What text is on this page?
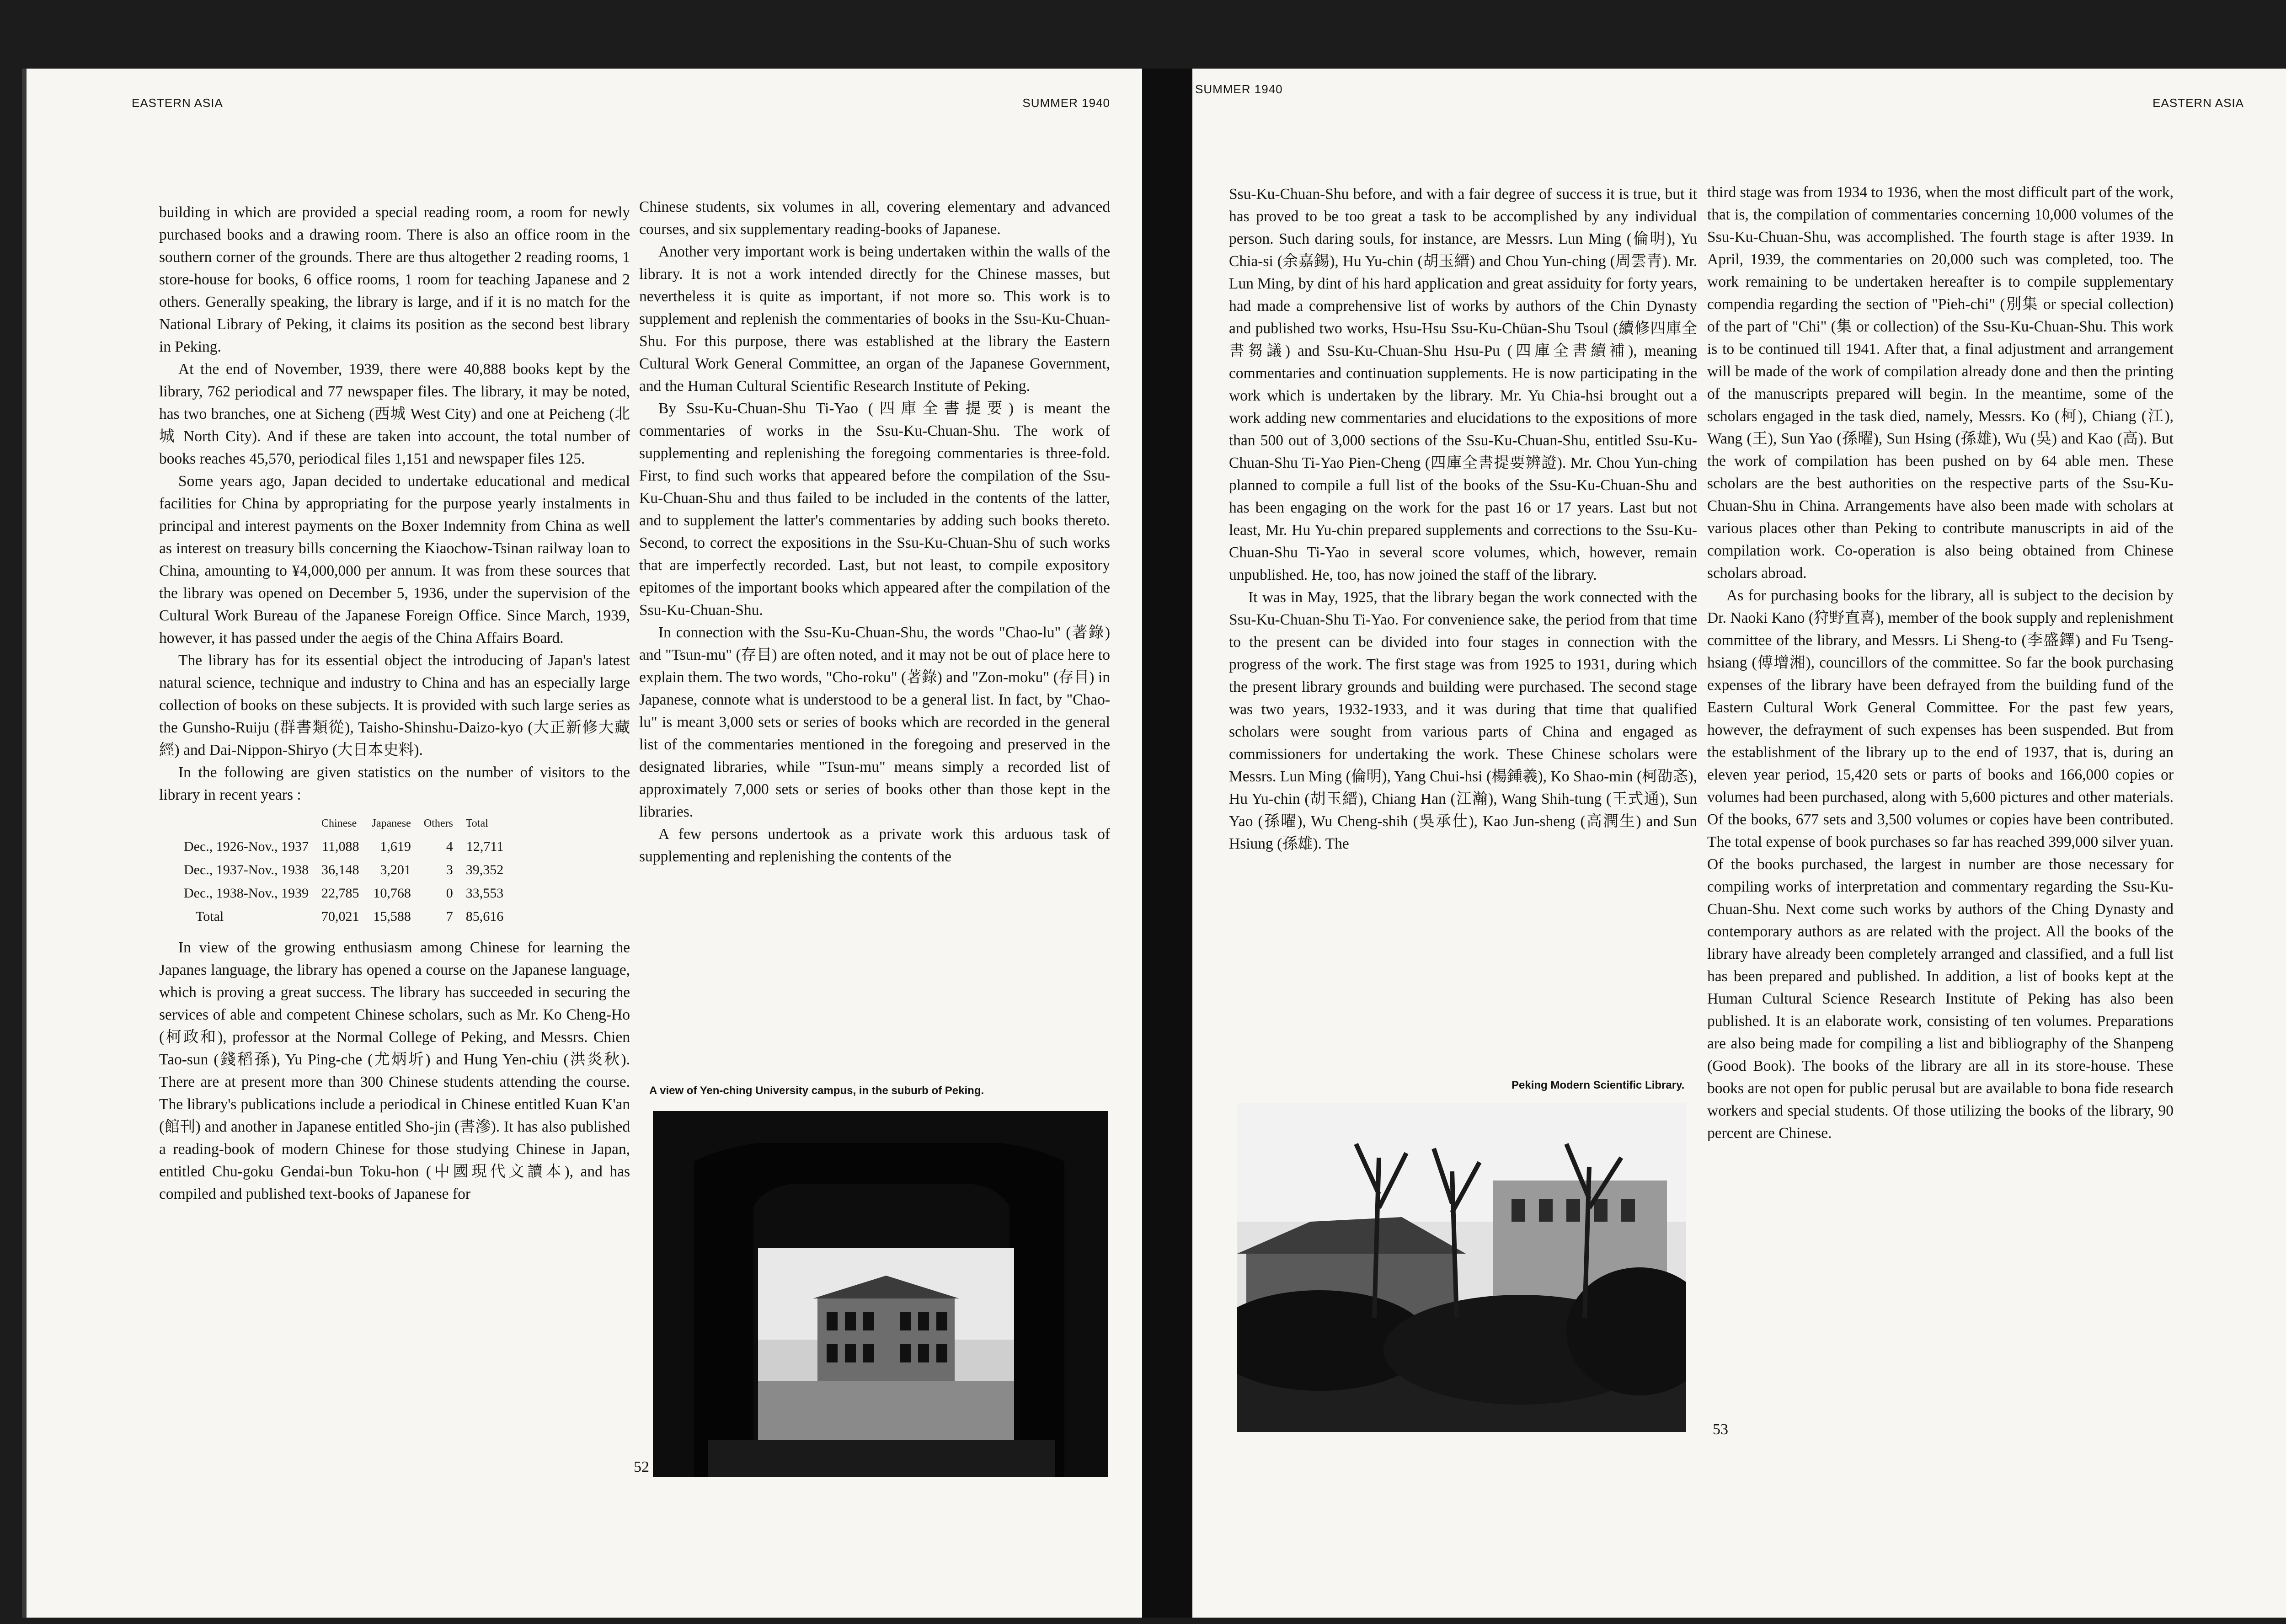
EASTERN ASIA	SUMMER 1940

building in which are provided a special reading room, a room for newly purchased books and a drawing room. There is also an office room in the southern corner of the grounds. There are thus altogether 2 reading rooms, 1 store-house for books, 6 office rooms, 1 room for teaching Japanese and 2 others. Generally speaking, the library is large, and if it is no match for the National Library of Peking, it claims its position as the second best library in Peking.

At the end of November, 1939, there were 40,888 books kept by the library, 762 periodical and 77 newspaper files. The library, it may be noted, has two branches, one at Sicheng (西城 West City) and one at Peicheng (北城 North City). And if these are taken into account, the total number of books reaches 45,570, periodical files 1,151 and newspaper files 125.

Some years ago, Japan decided to undertake educational and medical facilities for China by appropriating for the purpose yearly instalments in principal and interest payments on the Boxer Indemnity from China as well as interest on treasury bills concerning the Kiaochow-Tsinan railway loan to China, amounting to ¥4,000,000 per annum. It was from these sources that the library was opened on December 5, 1936, under the supervision of the Cultural Work Bureau of the Japanese Foreign Office. Since March, 1939, however, it has passed under the aegis of the China Affairs Board.

The library has for its essential object the introducing of Japan's latest natural science, technique and industry to China and has an especially large collection of books on these subjects. It is provided with such large series as the Gunsho-Ruiju (群書類從), Taisho-Shinshu-Daizo-kyo (大正新修大藏經) and Dai-Nippon-Shiryo (大日本史料).

In the following are given statistics on the number of visitors to the library in recent years :

	Chinese	Japanese	Others	Total
Dec., 1926-Nov., 1937	11,088	1,619	4	12,711
Dec., 1937-Nov., 1938	36,148	3,201	3	39,352
Dec., 1938-Nov., 1939	22,785	10,768	0	33,553
Total	70,021	15,588	7	85,616

In view of the growing enthusiasm among Chinese for learning the Japanes language, the library has opened a course on the Japanese language, which is proving a great success. The library has succeeded in securing the services of able and competent Chinese scholars, such as Mr. Ko Cheng-Ho (柯政和), professor at the Normal College of Peking, and Messrs. Chien Tao-sun (錢稻孫), Yu Ping-che (尤炳圻) and Hung Yen-chiu (洪炎秋). There are at present more than 300 Chinese students attending the course. The library's publications include a periodical in Chinese entitled Kuan K'an (館刊) and another in Japanese entitled Sho-jin (書滲). It has also published a reading-book of modern Chinese for those studying Chinese in Japan, entitled Chu-goku Gendai-bun Toku-hon (中國現代文讀本), and has compiled and published text-books of Japanese for

Chinese students, six volumes in all, covering elementary and advanced courses, and six supplementary reading-books of Japanese.

Another very important work is being undertaken within the walls of the library. It is not a work intended directly for the Chinese masses, but nevertheless it is quite as important, if not more so. This work is to supplement and replenish the commentaries of books in the Ssu-Ku-Chuan-Shu. For this purpose, there was established at the library the Eastern Cultural Work General Committee, an organ of the Japanese Government, and the Human Cultural Scientific Research Institute of Peking.

By Ssu-Ku-Chuan-Shu Ti-Yao (四庫全書提要) is meant the commentaries of works in the Ssu-Ku-Chuan-Shu. The work of supplementing and replenishing the foregoing commentaries is three-fold. First, to find such works that appeared before the compilation of the Ssu-Ku-Chuan-Shu and thus failed to be included in the contents of the latter, and to supplement the latter's commentaries by adding such books thereto. Second, to correct the expositions in the Ssu-Ku-Chuan-Shu of such works that are imperfectly recorded. Last, but not least, to compile expository epitomes of the important books which appeared after the compilation of the Ssu-Ku-Chuan-Shu.

In connection with the Ssu-Ku-Chuan-Shu, the words "Chao-lu" (著錄) and "Tsun-mu" (存目) are often noted, and it may not be out of place here to explain them. The two words, "Cho-roku" (著錄) and "Zon-moku" (存目) in Japanese, connote what is understood to be a general list. In fact, by "Chao-lu" is meant 3,000 sets or series of books which are recorded in the general list of the commentaries mentioned in the foregoing and preserved in the designated libraries, while "Tsun-mu" means simply a recorded list of approximately 7,000 sets or series of books other than those kept in the libraries.

A few persons undertook as a private work this arduous task of supplementing and replenishing the contents of the

A view of Yen-ching University campus, in the suburb of Peking.
52
SUMMER 1940
EASTERN ASIA

Ssu-Ku-Chuan-Shu before, and with a fair degree of success it is true, but it has proved to be too great a task to be accomplished by any individual person. Such daring souls, for instance, are Messrs. Lun Ming (倫明), Yu Chia-si (余嘉錫), Hu Yu-chin (胡玉縉) and Chou Yun-ching (周雲青). Mr. Lun Ming, by dint of his hard application and great assiduity for forty years, had made a comprehensive list of works by authors of the Chin Dynasty and published two works, Hsu-Hsu Ssu-Ku-Chüan-Shu Tsoul (續修四庫全書芻議) and Ssu-Ku-Chuan-Shu Hsu-Pu (四庫全書續補), meaning commentaries and continuation supplements. He is now participating in the work which is undertaken by the library. Mr. Yu Chia-hsi brought out a work adding new commentaries and elucidations to the expositions of more than 500 out of 3,000 sections of the Ssu-Ku-Chuan-Shu, entitled Ssu-Ku-Chuan-Shu Ti-Yao Pien-Cheng (四庫全書提要辨證). Mr. Chou Yun-ching planned to compile a full list of the books of the Ssu-Ku-Chuan-Shu and has been engaging on the work for the past 16 or 17 years. Last but not least, Mr. Hu Yu-chin prepared supplements and corrections to the Ssu-Ku-Chuan-Shu Ti-Yao in several score volumes, which, however, remain unpublished. He, too, has now joined the staff of the library.

It was in May, 1925, that the library began the work connected with the Ssu-Ku-Chuan-Shu Ti-Yao. For convenience sake, the period from that time to the present can be divided into four stages in connection with the progress of the work. The first stage was from 1925 to 1931, during which the present library grounds and building were purchased. The second stage was two years, 1932-1933, and it was during that time that qualified scholars were sought from various parts of China and engaged as commissioners for undertaking the work. These Chinese scholars were Messrs. Lun Ming (倫明), Yang Chui-hsi (楊鍾羲), Ko Shao-min (柯劭忞), Hu Yu-chin (胡玉縉), Chiang Han (江瀚), Wang Shih-tung (王式通), Sun Yao (孫曜), Wu Cheng-shih (吳承仕), Kao Jun-sheng (高潤生) and Sun Hsiung (孫雄). The

third stage was from 1934 to 1936, when the most difficult part of the work, that is, the compilation of commentaries concerning 10,000 volumes of the Ssu-Ku-Chuan-Shu, was accomplished. The fourth stage is after 1939. In April, 1939, the commentaries on 20,000 such was completed, too. The work remaining to be undertaken hereafter is to compile supplementary compendia regarding the section of "Pieh-chi" (別集 or special collection) of the part of "Chi" (集 or collection) of the Ssu-Ku-Chuan-Shu. This work is to be continued till 1941. After that, a final adjustment and arrangement will be made of the work of compilation already done and then the printing of the manuscripts prepared will begin. In the meantime, some of the scholars engaged in the task died, namely, Messrs. Ko (柯), Chiang (江), Wang (王), Sun Yao (孫曜), Sun Hsing (孫雄), Wu (吳) and Kao (高). But the work of compilation has been pushed on by 64 able men. These scholars are the best authorities on the respective parts of the Ssu-Ku-Chuan-Shu in China. Arrangements have also been made with scholars at various places other than Peking to contribute manuscripts in aid of the compilation work. Co-operation is also being obtained from Chinese scholars abroad.

As for purchasing books for the library, all is subject to the decision by Dr. Naoki Kano (狩野直喜), member of the book supply and replenishment committee of the library, and Messrs. Li Sheng-to (李盛鐸) and Fu Tseng-hsiang (傅增湘), councillors of the committee. So far the book purchasing expenses of the library have been defrayed from the building fund of the Eastern Cultural Work General Committee. For the past few years, however, the defrayment of such expenses has been suspended. But from the establishment of the library up to the end of 1937, that is, during an eleven year period, 15,420 sets or parts of books and 166,000 copies or volumes had been purchased, along with 5,600 pictures and other materials. Of the books, 677 sets and 3,500 volumes or copies have been contributed. The total expense of book purchases so far has reached 399,000 silver yuan. Of the books purchased, the largest in number are those necessary for compiling works of interpretation and commentary regarding the Ssu-Ku-Chuan-Shu. Next come such works by authors of the Ching Dynasty and contemporary authors as are related with the project. All the books of the library have already been completely arranged and classified, and a full list has been prepared and published. In addition, a list of books kept at the Human Cultural Science Research Institute of Peking has also been published. It is an elaborate work, consisting of ten volumes. Preparations are also being made for compiling a list and bibliography of the Shanpeng (Good Book). The books of the library are all in its store-house. These books are not open for public perusal but are available to bona fide research workers and special students. Of those utilizing the books of the library, 90 percent are Chinese.

Peking Modern Scientific Library.
53
